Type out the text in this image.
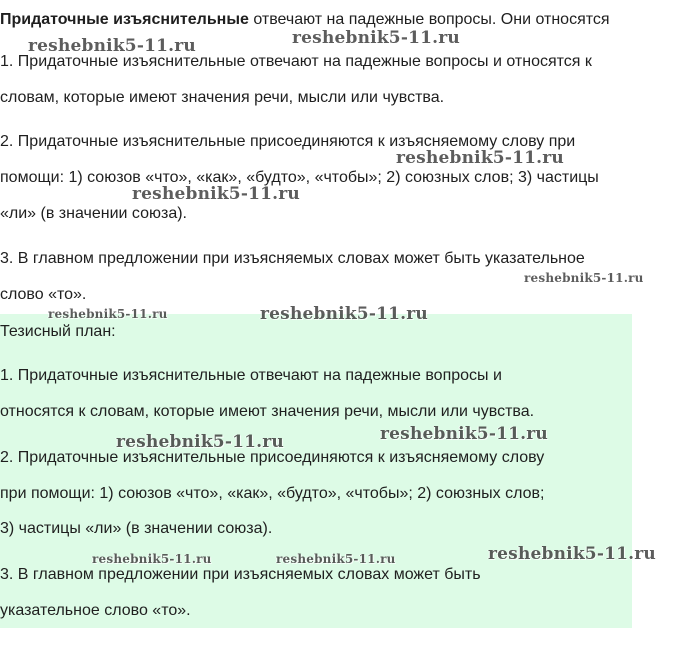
Придаточные изъяснительные отвечают на падежные вопросы. Они относятся
1. Придаточные изъяснительные отвечают на падежные вопросы и относятся к
словам, которые имеют значения речи, мысли или чувства.
2. Придаточные изъяснительные присоединяются к изъясняемому слову при
помощи: 1) союзов «что», «как», «будто», «чтобы»; 2) союзных слов; 3) частицы
«ли» (в значении союза).
3. В главном предложении при изъясняемых словах может быть указательное
слово «то».
Тезисный план:
1. Придаточные изъяснительные отвечают на падежные вопросы и
относятся к словам, которые имеют значения речи, мысли или чувства.
2. Придаточные изъяснительные присоединяются к изъясняемому слову
при помощи: 1) союзов «что», «как», «будто», «чтобы»; 2) союзных слов;
3) частицы «ли» (в значении союза).
3. В главном предложении при изъясняемых словах может быть
указательное слово «то».
reshebnik5-11.ru	reshebnik5-11.ru
reshebnik5-11.ru
reshebnik5-11.ru
reshebnik5-11.ru
reshebnik5-11.ru	reshebnik5-11.ru
reshebnik5-11.ru	reshebnik5-11.ru
reshebnik5-11.ru	reshebnik5-11.ru	reshebnik5-11.ru
